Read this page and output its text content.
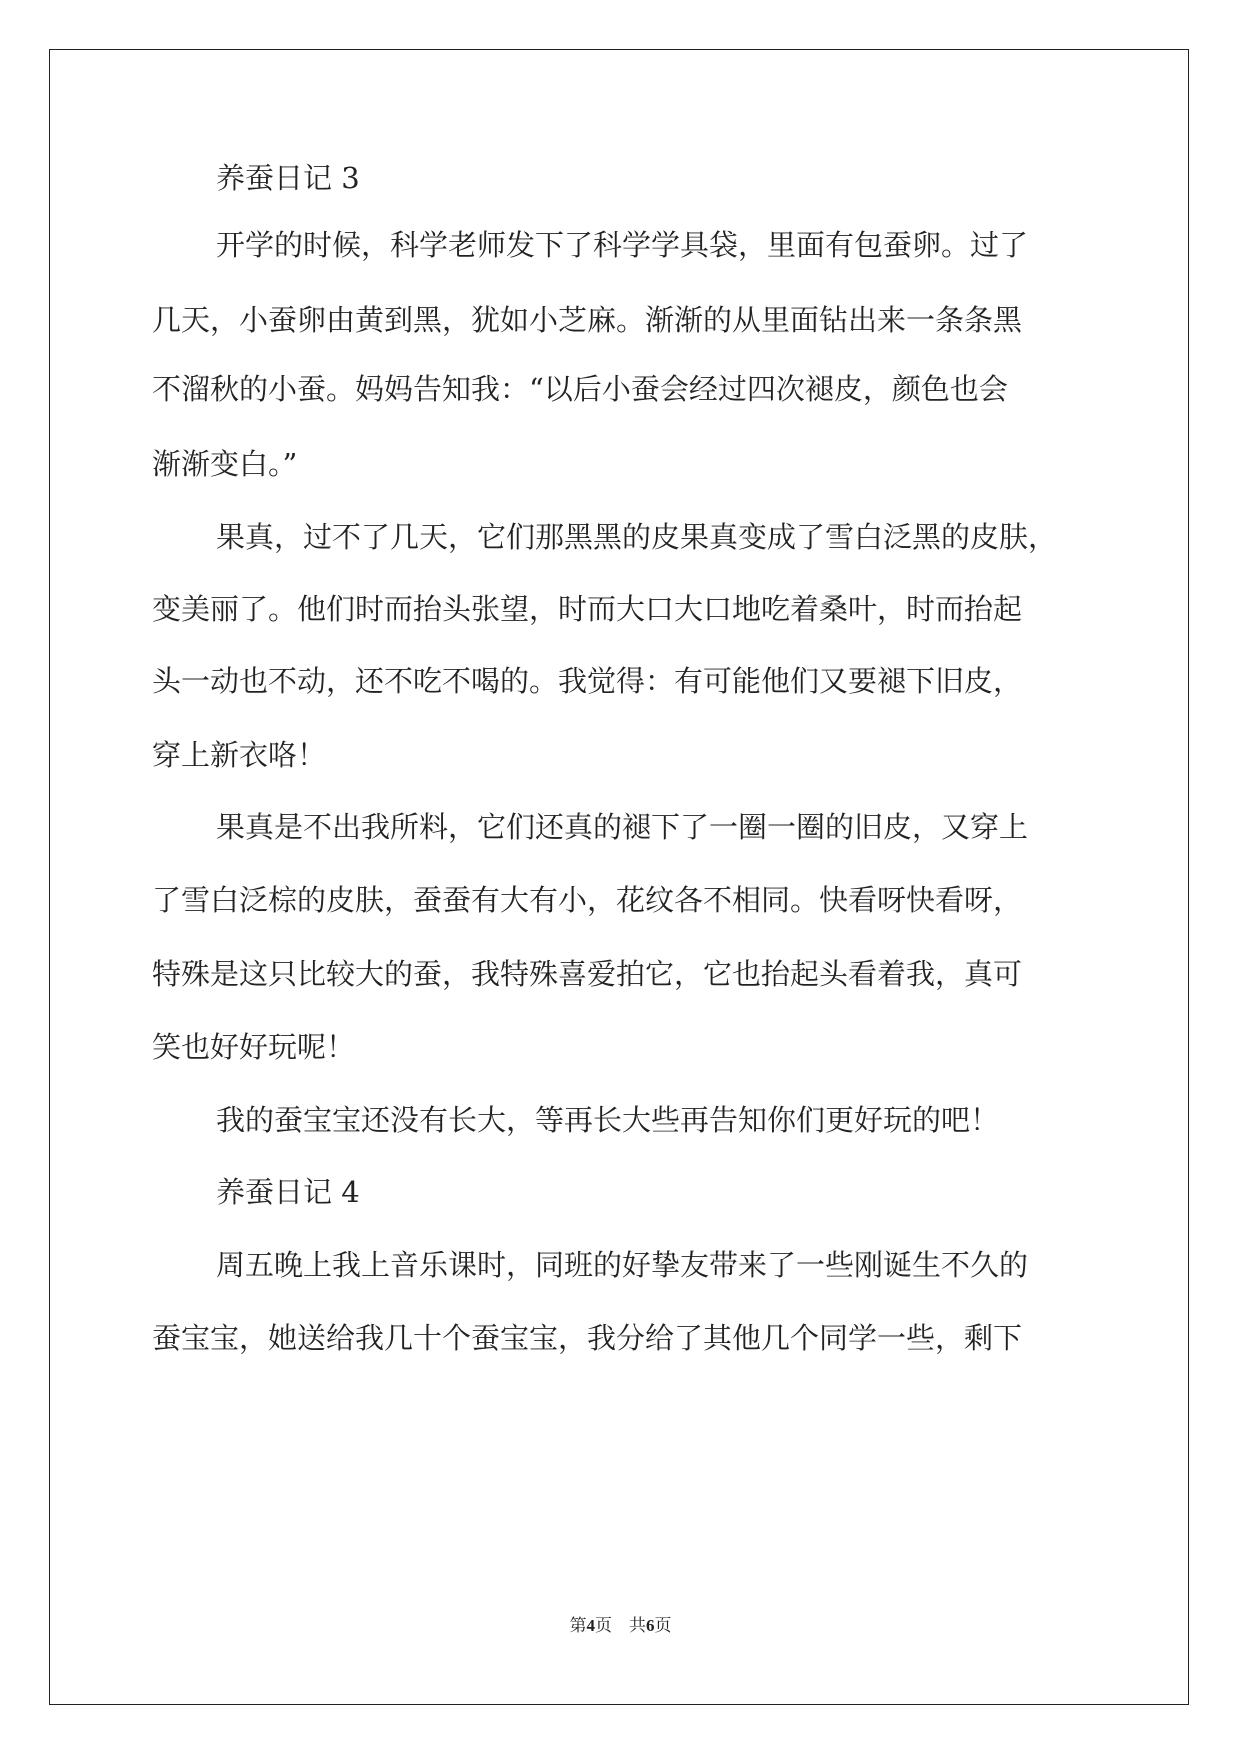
养蚕日记 3

开学的时候，科学老师发下了科学学具袋，里面有包蚕卵。过了

几天，小蚕卵由黄到黑，犹如小芝麻。渐渐的从里面钻出来一条条黑

不溜秋的小蚕。妈妈告知我：“以后小蚕会经过四次褪皮，颜色也会

渐渐变白。”

果真，过不了几天，它们那黑黑的皮果真变成了雪白泛黑的皮肤，

变美丽了。他们时而抬头张望，时而大口大口地吃着桑叶，时而抬起

头一动也不动，还不吃不喝的。我觉得：有可能他们又要褪下旧皮，

穿上新衣咯！

果真是不出我所料，它们还真的褪下了一圈一圈的旧皮，又穿上

了雪白泛棕的皮肤，蚕蚕有大有小，花纹各不相同。快看呀快看呀，

特殊是这只比较大的蚕，我特殊喜爱拍它，它也抬起头看着我，真可

笑也好好玩呢！

我的蚕宝宝还没有长大，等再长大些再告知你们更好玩的吧！

养蚕日记 4

周五晚上我上音乐课时，同班的好挚友带来了一些刚诞生不久的

蚕宝宝，她送给我几十个蚕宝宝，我分给了其他几个同学一些，剩下

第4页　共6页
